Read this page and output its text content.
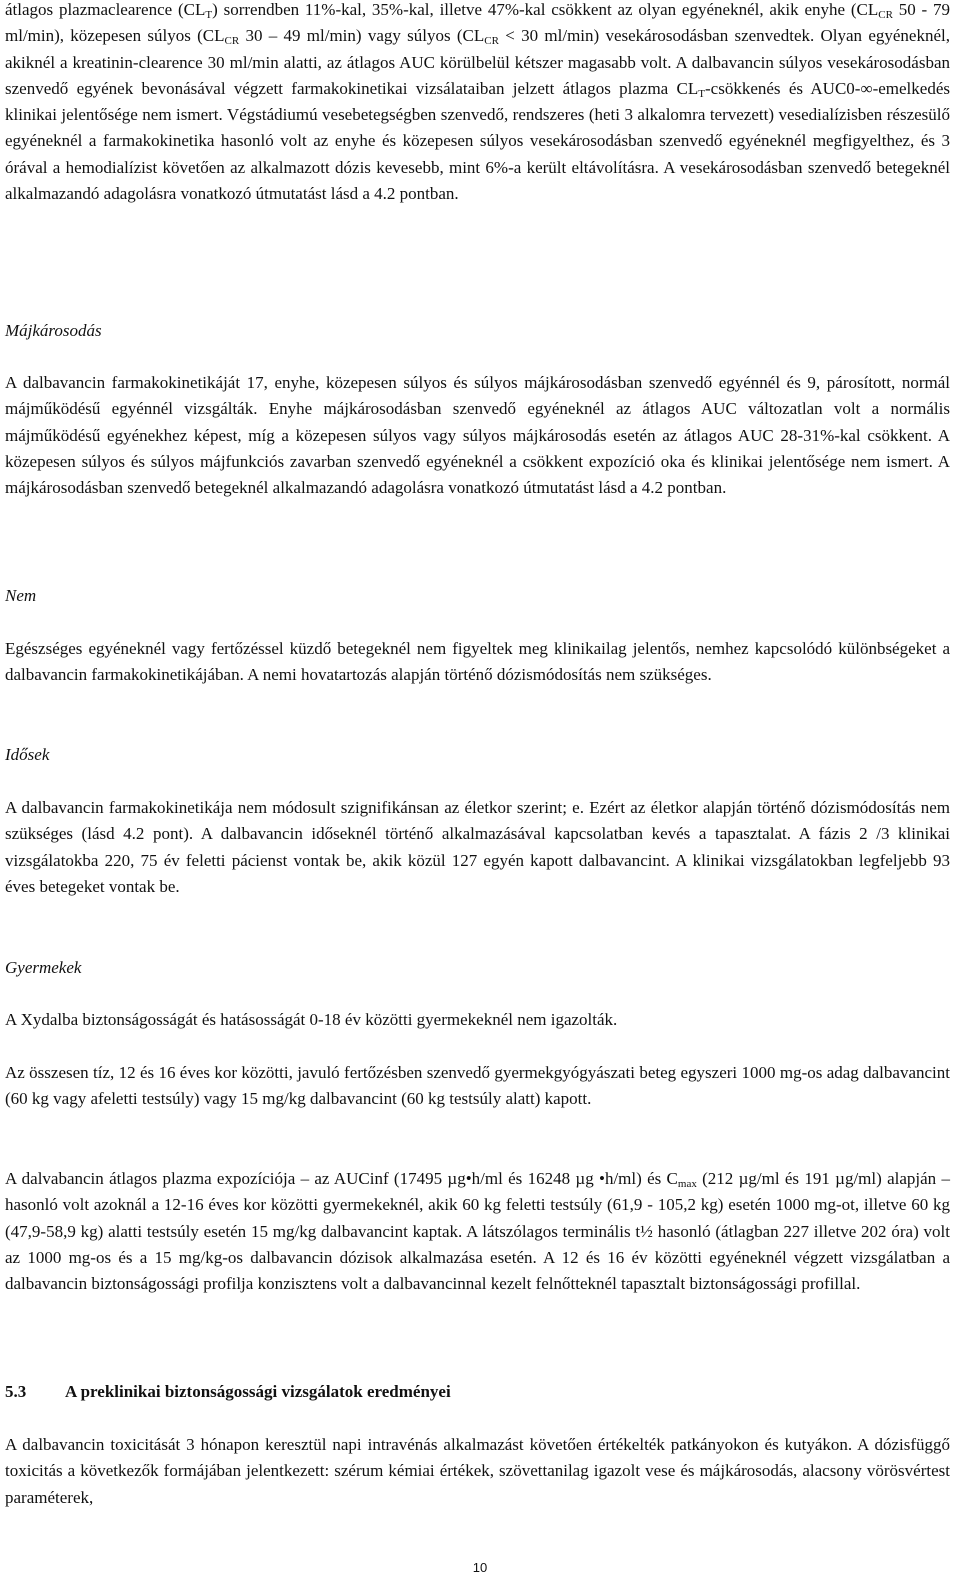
átlagos plazmaclearence $(CL_T)$ sorrendben 11%-kal, 35%-kal, illetve 47%-kal csökkent az olyan egyéneknél, akik enyhe ($CL_{CR}$ 50 - 79 ml/min), közepesen súlyos ($CL_{CR}$ 30 – 49 ml/min) vagy súlyos ($CL_{CR} < 30$ ml/min) vesekárosodásban szenvedtek. Olyan egyéneknél, akiknél a kreatinin-clearence 30 ml/min alatti, az átlagos AUC körülbelül kétszer magasabb volt. A dalbavancin súlyos vesekárosodásban szenvedő egyének bevonásával végzett farmakokinetikai vizsálataiban jelzett átlagos plazma $CL_T$-csökkenés és AUC0-∞-emelkedés klinikai jelentősége nem ismert. Végstádiumú vesebetegségben szenvedő, rendszeres (heti 3 alkalomra tervezett) vesedialízisben részesülő egyéneknél a farmakokinetika hasonló volt az enyhe és közepesen súlyos vesekárosodásban szenvedő egyéneknél megfigyelthez, és 3 órával a hemodialízist követően az alkalmazott dózis kevesebb, mint 6%-a került eltávolításra. A vesekárosodásban szenvedő betegeknél alkalmazandó adagolásra vonatkozó útmutatást lásd a 4.2 pontban.

Májkárosodás

A dalbavancin farmakokinetikáját 17, enyhe, közepesen súlyos és súlyos májkárosodásban szenvedő egyénnél és 9, párosított, normál májműködésű egyénnél vizsgálták. Enyhe májkárosodásban szenvedő egyéneknél az átlagos AUC változatlan volt a normális májműködésű egyénekhez képest, míg a közepesen súlyos vagy súlyos májkárosodás esetén az átlagos AUC 28-31%-kal csökkent. A közepesen súlyos és súlyos májfunkciós zavarban szenvedő egyéneknél a csökkent expozíció oka és klinikai jelentősége nem ismert. A májkárosodásban szenvedő betegeknél alkalmazandó adagolásra vonatkozó útmutatást lásd a 4.2 pontban.

Nem

Egészséges egyéneknél vagy fertőzéssel küzdő betegeknél nem figyeltek meg klinikailag jelentős, nemhez kapcsolódó különbségeket a dalbavancin farmakokinetikájában. A nemi hovatartozás alapján történő dózismódosítás nem szükséges.

Idősek

A dalbavancin farmakokinetikája nem módosult szignifikánsan az életkor szerint; e. Ezért az életkor alapján történő dózismódosítás nem szükséges (lásd 4.2 pont). A dalbavancin időseknél történő alkalmazásával kapcsolatban kevés a tapasztalat. A fázis 2 /3 klinikai vizsgálatokba 220, 75 év feletti pácienst vontak be, akik közül 127 egyén kapott dalbavancint. A klinikai vizsgálatokban legfeljebb 93 éves betegeket vontak be.

Gyermekek

A Xydalba biztonságosságát és hatásosságát 0-18 év közötti gyermekeknél nem igazolták.

Az összesen tíz, 12 és 16 éves kor közötti, javuló fertőzésben szenvedő gyermekgyógyászati beteg egyszeri 1000 mg-os adag dalbavancint (60 kg vagy afeletti testsúly) vagy 15 mg/kg dalbavancint (60 kg testsúly alatt) kapott.

A dalvabancin átlagos plazma expozíciója – az AUCinf (17495 µg•h/ml és 16248 µg •h/ml) és $C_{max}$ (212 µg/ml és 191 µg/ml) alapján – hasonló volt azoknál a 12-16 éves kor közötti gyermekeknél, akik 60 kg feletti testsúly (61,9 - 105,2 kg) esetén 1000 mg-ot, illetve 60 kg (47,9-58,9 kg) alatti testsúly esetén 15 mg/kg dalbavancint kaptak. A látszólagos terminális t½ hasonló (átlagban 227 illetve 202 óra) volt az 1000 mg-os és a 15 mg/kg-os dalbavancin dózisok alkalmazása esetén. A 12 és 16 év közötti egyéneknél végzett vizsgálatban a dalbavancin biztonságossági profilja konzisztens volt a dalbavancinnal kezelt felnőtteknél tapasztalt biztonságossági profillal.

5.3 A preklinikai biztonságossági vizsgálatok eredményei

A dalbavancin toxicitását 3 hónapon keresztül napi intravénás alkalmazást követően értékelték patkányokon és kutyákon. A dózisfüggő toxicitás a következők formájában jelentkezett: szérum kémiai értékek, szövettanilag igazolt vese és májkárosodás, alacsony vörösvértest paraméterek,

10
